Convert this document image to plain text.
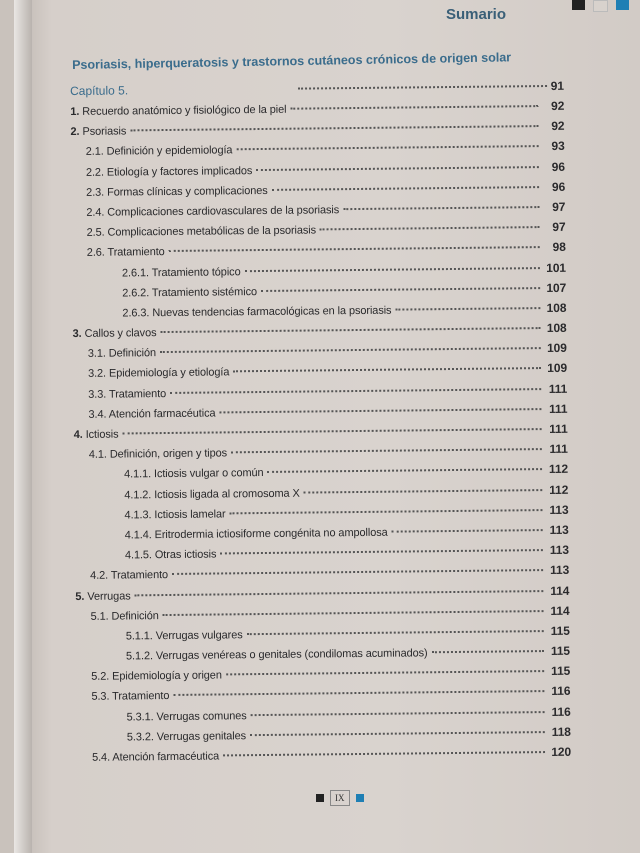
Sumario
Psoriasis, hiperqueratosis y trastornos cutáneos crónicos de origen solar
Capítulo 5.	91
1. Recuerdo anatómico y fisiológico de la piel	92
2. Psoriasis	92
2.1. Definición y epidemiología	93
2.2. Etiología y factores implicados	96
2.3. Formas clínicas y complicaciones	96
2.4. Complicaciones cardiovasculares de la psoriasis	97
2.5. Complicaciones metabólicas de la psoriasis	97
2.6. Tratamiento	98
2.6.1. Tratamiento tópico	101
2.6.2. Tratamiento sistémico	107
2.6.3. Nuevas tendencias farmacológicas en la psoriasis	108
3. Callos y clavos	108
3.1. Definición	109
3.2. Epidemiología y etiología	109
3.3. Tratamiento	111
3.4. Atención farmacéutica	111
4. Ictiosis	111
4.1. Definición, origen y tipos	111
4.1.1. Ictiosis vulgar o común	112
4.1.2. Ictiosis ligada al cromosoma X	112
4.1.3. Ictiosis lamelar	113
4.1.4. Eritrodermia ictiosiforme congénita no ampollosa	113
4.1.5. Otras ictiosis	113
4.2. Tratamiento	113
5. Verrugas	114
5.1. Definición	114
5.1.1. Verrugas vulgares	115
5.1.2. Verrugas venéreas o genitales (condilomas acuminados)	115
5.2. Epidemiología y origen	115
5.3. Tratamiento	116
5.3.1. Verrugas comunes	116
5.3.2. Verrugas genitales	118
5.4. Atención farmacéutica	120
IX
